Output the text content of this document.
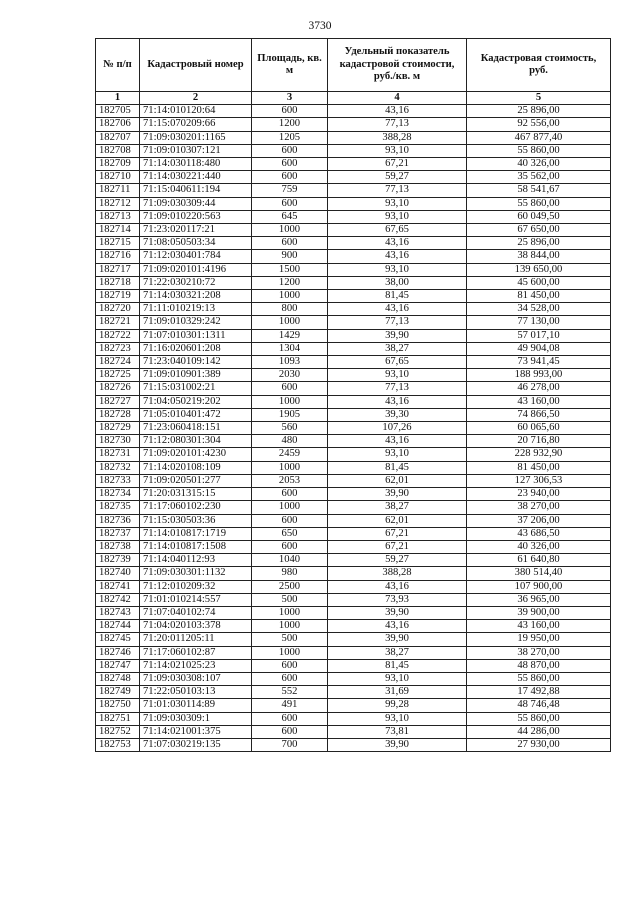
3730
№ п/п	Кадастровый номер	Площадь, кв. м	Удельный показатель кадастровой стоимости, руб./кв. м	Кадастровая стоимость, руб.
1	2	3	4	5
182705	71:14:010120:64	600	43,16	25 896,00
182706	71:15:070209:66	1200	77,13	92 556,00
182707	71:09:030201:1165	1205	388,28	467 877,40
182708	71:09:010307:121	600	93,10	55 860,00
182709	71:14:030118:480	600	67,21	40 326,00
182710	71:14:030221:440	600	59,27	35 562,00
182711	71:15:040611:194	759	77,13	58 541,67
182712	71:09:030309:44	600	93,10	55 860,00
182713	71:09:010220:563	645	93,10	60 049,50
182714	71:23:020117:21	1000	67,65	67 650,00
182715	71:08:050503:34	600	43,16	25 896,00
182716	71:12:030401:784	900	43,16	38 844,00
182717	71:09:020101:4196	1500	93,10	139 650,00
182718	71:22:030210:72	1200	38,00	45 600,00
182719	71:14:030321:208	1000	81,45	81 450,00
182720	71:11:010219:13	800	43,16	34 528,00
182721	71:09:010329:242	1000	77,13	77 130,00
182722	71:07:010301:1311	1429	39,90	57 017,10
182723	71:16:020601:208	1304	38,27	49 904,08
182724	71:23:040109:142	1093	67,65	73 941,45
182725	71:09:010901:389	2030	93,10	188 993,00
182726	71:15:031002:21	600	77,13	46 278,00
182727	71:04:050219:202	1000	43,16	43 160,00
182728	71:05:010401:472	1905	39,30	74 866,50
182729	71:23:060418:151	560	107,26	60 065,60
182730	71:12:080301:304	480	43,16	20 716,80
182731	71:09:020101:4230	2459	93,10	228 932,90
182732	71:14:020108:109	1000	81,45	81 450,00
182733	71:09:020501:277	2053	62,01	127 306,53
182734	71:20:031315:15	600	39,90	23 940,00
182735	71:17:060102:230	1000	38,27	38 270,00
182736	71:15:030503:36	600	62,01	37 206,00
182737	71:14:010817:1719	650	67,21	43 686,50
182738	71:14:010817:1508	600	67,21	40 326,00
182739	71:14:040112:93	1040	59,27	61 640,80
182740	71:09:030301:1132	980	388,28	380 514,40
182741	71:12:010209:32	2500	43,16	107 900,00
182742	71:01:010214:557	500	73,93	36 965,00
182743	71:07:040102:74	1000	39,90	39 900,00
182744	71:04:020103:378	1000	43,16	43 160,00
182745	71:20:011205:11	500	39,90	19 950,00
182746	71:17:060102:87	1000	38,27	38 270,00
182747	71:14:021025:23	600	81,45	48 870,00
182748	71:09:030308:107	600	93,10	55 860,00
182749	71:22:050103:13	552	31,69	17 492,88
182750	71:01:030114:89	491	99,28	48 746,48
182751	71:09:030309:1	600	93,10	55 860,00
182752	71:14:021001:375	600	73,81	44 286,00
182753	71:07:030219:135	700	39,90	27 930,00
